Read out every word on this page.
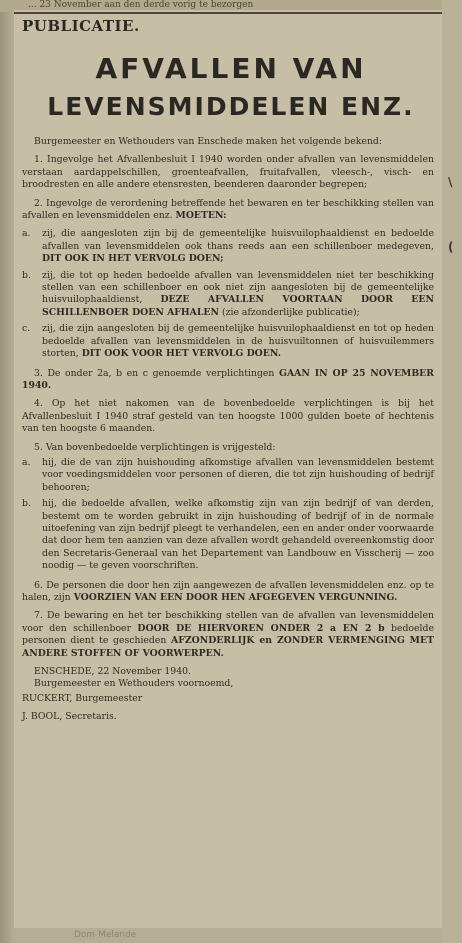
... 23 November aan den derde vorig te bezorgen
\
(
PUBLICATIE.
AFVALLEN VAN
LEVENSMIDDELEN ENZ.

Burgemeester en Wethouders van Enschede maken het volgende bekend:

1. Ingevolge het Afvallenbesluit I 1940 worden onder afvallen van levensmiddelen verstaan aardappelschillen, groenteafvallen, fruitafvallen, vleesch-, visch- en broodresten en alle andere etensresten, beenderen daaronder begrepen;

2. Ingevolge de verordening betreffende het bewaren en ter beschikking stellen van afvallen en levensmiddelen enz. MOETEN:

a.	zij, die aangesloten zijn bij de gemeentelijke huisvuilophaaldienst en bedoelde afvallen van levensmiddelen ook thans reeds aan een schillenboer medegeven, DIT OOK IN HET VERVOLG DOEN;
b.	zij, die tot op heden bedoelde afvallen van levensmiddelen niet ter beschikking stellen van een schillenboer en ook niet zijn aangesloten bij de gemeentelijke huisvuilophaaldienst, DEZE AFVALLEN VOORTAAN DOOR EEN SCHILLENBOER DOEN AFHALEN (zie afzonderlijke publicatie);
c.	zij, die zijn aangesloten bij de gemeentelijke huisvuilophaaldienst en tot op heden bedoelde afvallen van levensmiddelen in de huisvuiltonnen of huisvuilemmers storten, DIT OOK VOOR HET VERVOLG DOEN.

3. De onder 2a, b en c genoemde verplichtingen GAAN IN OP 25 NOVEMBER 1940.

4. Op het niet nakomen van de bovenbedoelde verplichtingen is bij het Afvallenbesluit I 1940 straf gesteld van ten hoogste 1000 gulden boete of hechtenis van ten hoogste 6 maanden.

5. Van bovenbedoelde verplichtingen is vrijgesteld:

a.	hij, die de van zijn huishouding afkomstige afvallen van levensmiddelen bestemt voor voedingsmiddelen voor personen of dieren, die tot zijn huishouding of bedrijf behooren;
b.	hij, die bedoelde afvallen, welke afkomstig zijn van zijn bedrijf of van derden, bestemt om te worden gebruikt in zijn huishouding of bedrijf of in de normale uitoefening van zijn bedrijf pleegt te verhandelen, een en ander onder voorwaarde dat door hem ten aanzien van deze afvallen wordt gehandeld overeenkomstig door den Secretaris-Generaal van het Departement van Landbouw en Visscherij — zoo noodig — te geven voorschriften.

6. De personen die door hen zijn aangewezen de afvallen levensmiddelen enz. op te halen, zijn VOORZIEN VAN EEN DOOR HEN AFGEGEVEN VERGUNNING.

7. De bewaring en het ter beschikking stellen van de afvallen van levensmiddelen voor den schillenboer DOOR DE HIERVOREN ONDER 2 a EN 2 b bedoelde personen dient te geschieden AFZONDERLIJK en ZONDER VERMENGING MET ANDERE STOFFEN OF VOORWERPEN.

ENSCHEDE, 22 November 1940.

Burgemeester en Wethouders voornoemd,

RUCKERT, Burgemeester

J. BOOL, Secretaris.

Dom Melande
